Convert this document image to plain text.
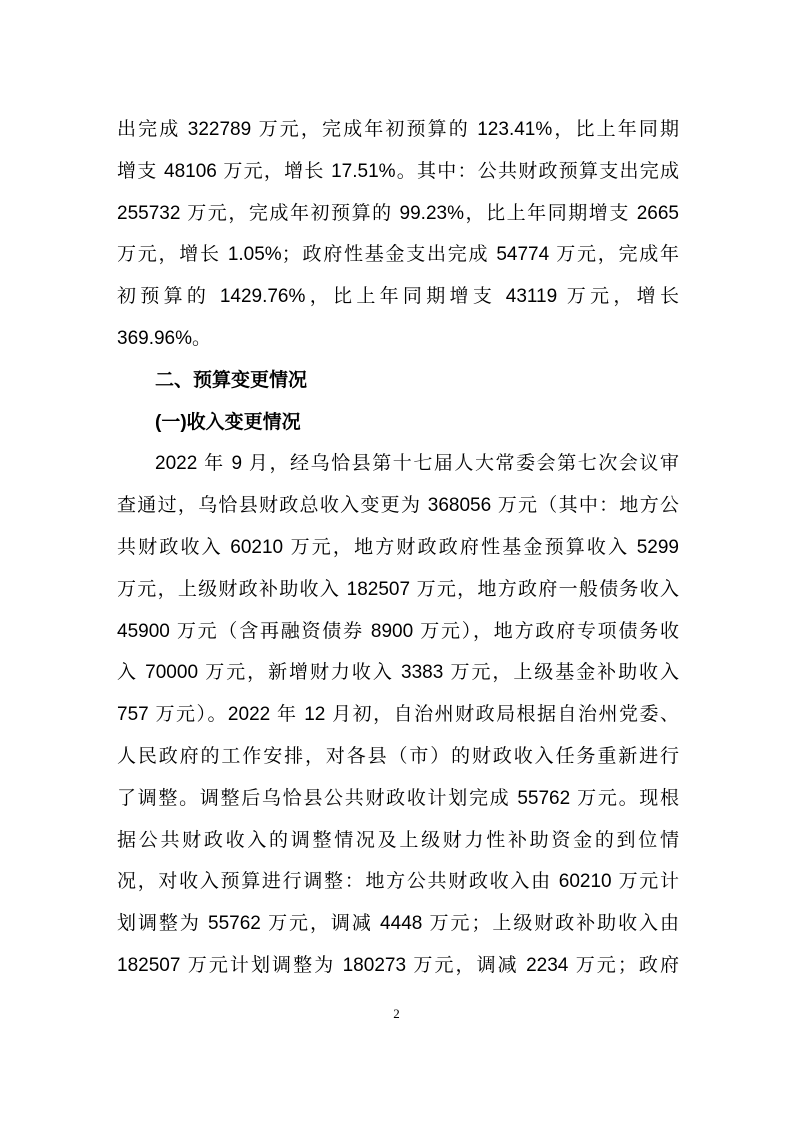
出完成 322789 万元，完成年初预算的 123.41%，比上年同期
增支 48106 万元，增长 17.51%。其中：公共财政预算支出完成
255732 万元，完成年初预算的 99.23%，比上年同期增支 2665
万元，增长 1.05%；政府性基金支出完成 54774 万元，完成年
初预算的 1429.76%，比上年同期增支 43119 万元，增长
369.96%。
二、预算变更情况
(一)收入变更情况
2022 年 9 月，经乌恰县第十七届人大常委会第七次会议审
查通过，乌恰县财政总收入变更为 368056 万元（其中：地方公
共财政收入 60210 万元，地方财政政府性基金预算收入 5299
万元，上级财政补助收入 182507 万元，地方政府一般债务收入
45900 万元（含再融资债券 8900 万元），地方政府专项债务收
入 70000 万元，新增财力收入 3383 万元，上级基金补助收入
757 万元）。2022 年 12 月初，自治州财政局根据自治州党委、
人民政府的工作安排，对各县（市）的财政收入任务重新进行
了调整。调整后乌恰县公共财政收计划完成 55762 万元。现根
据公共财政收入的调整情况及上级财力性补助资金的到位情
况，对收入预算进行调整：地方公共财政收入由 60210 万元计
划调整为 55762 万元，调减 4448 万元；上级财政补助收入由
182507 万元计划调整为 180273 万元，调减 2234 万元；政府
2
